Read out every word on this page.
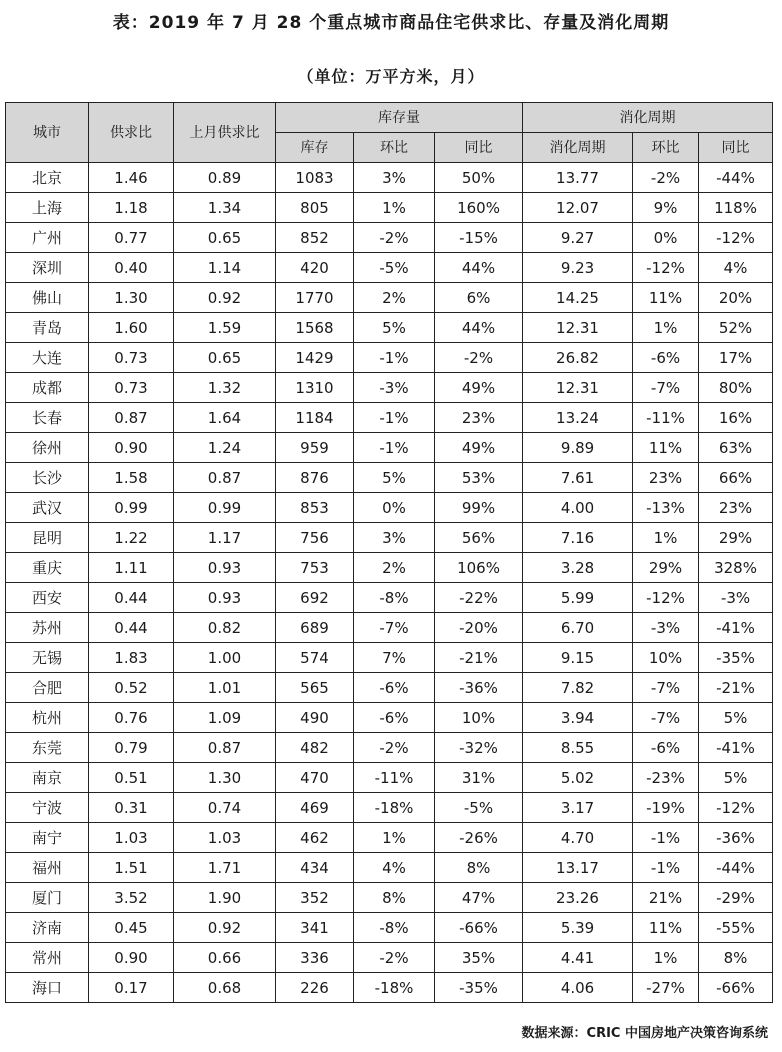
表：2019 年 7 月 28 个重点城市商品住宅供求比、存量及消化周期
（单位：万平方米，月）
城市	供求比	上月供求比	库存量			消化周期		
			库存	环比	同比	消化周期	环比	同比
北京	1.46	0.89	1083	3%	50%	13.77	-2%	-44%
上海	1.18	1.34	805	1%	160%	12.07	9%	118%
广州	0.77	0.65	852	-2%	-15%	9.27	0%	-12%
深圳	0.40	1.14	420	-5%	44%	9.23	-12%	4%
佛山	1.30	0.92	1770	2%	6%	14.25	11%	20%
青岛	1.60	1.59	1568	5%	44%	12.31	1%	52%
大连	0.73	0.65	1429	-1%	-2%	26.82	-6%	17%
成都	0.73	1.32	1310	-3%	49%	12.31	-7%	80%
长春	0.87	1.64	1184	-1%	23%	13.24	-11%	16%
徐州	0.90	1.24	959	-1%	49%	9.89	11%	63%
长沙	1.58	0.87	876	5%	53%	7.61	23%	66%
武汉	0.99	0.99	853	0%	99%	4.00	-13%	23%
昆明	1.22	1.17	756	3%	56%	7.16	1%	29%
重庆	1.11	0.93	753	2%	106%	3.28	29%	328%
西安	0.44	0.93	692	-8%	-22%	5.99	-12%	-3%
苏州	0.44	0.82	689	-7%	-20%	6.70	-3%	-41%
无锡	1.83	1.00	574	7%	-21%	9.15	10%	-35%
合肥	0.52	1.01	565	-6%	-36%	7.82	-7%	-21%
杭州	0.76	1.09	490	-6%	10%	3.94	-7%	5%
东莞	0.79	0.87	482	-2%	-32%	8.55	-6%	-41%
南京	0.51	1.30	470	-11%	31%	5.02	-23%	5%
宁波	0.31	0.74	469	-18%	-5%	3.17	-19%	-12%
南宁	1.03	1.03	462	1%	-26%	4.70	-1%	-36%
福州	1.51	1.71	434	4%	8%	13.17	-1%	-44%
厦门	3.52	1.90	352	8%	47%	23.26	21%	-29%
济南	0.45	0.92	341	-8%	-66%	5.39	11%	-55%
常州	0.90	0.66	336	-2%	35%	4.41	1%	8%
海口	0.17	0.68	226	-18%	-35%	4.06	-27%	-66%
数据来源：CRIC 中国房地产决策咨询系统
